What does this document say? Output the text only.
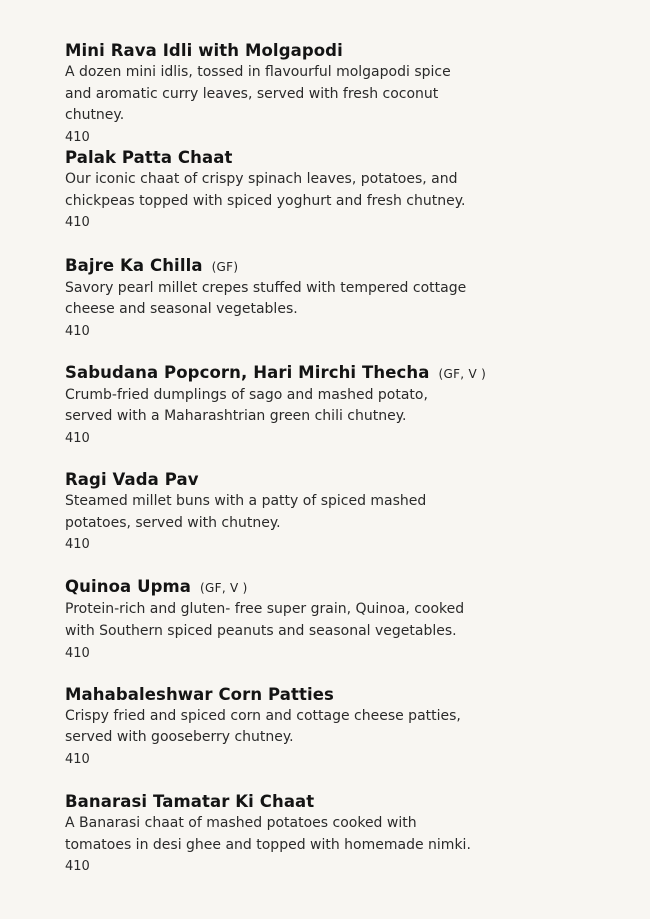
Mini Rava Idli with Molgapodi
A dozen mini idlis, tossed in flavourful molgapodi spice and aromatic curry leaves, served with fresh coconut chutney.
410
Palak Patta Chaat
Our iconic chaat of crispy spinach leaves, potatoes, and chickpeas topped with spiced yoghurt and fresh chutney.
410
Bajre Ka Chilla (GF)
Savory pearl millet crepes stuffed with tempered cottage cheese and seasonal vegetables.
410
Sabudana Popcorn, Hari Mirchi Thecha (GF, V )
Crumb-fried dumplings of sago and mashed potato, served with a Maharashtrian green chili chutney.
410
Ragi Vada Pav
Steamed millet buns with a patty of spiced mashed potatoes, served with chutney.
410
Quinoa Upma (GF, V )
Protein-rich and gluten- free super grain, Quinoa, cooked with Southern spiced peanuts and seasonal vegetables.
410
Mahabaleshwar Corn Patties
Crispy fried and spiced corn and cottage cheese patties, served with gooseberry chutney.
410
Banarasi Tamatar Ki Chaat
A Banarasi chaat of mashed potatoes cooked with tomatoes in desi ghee and topped with homemade nimki.
410
